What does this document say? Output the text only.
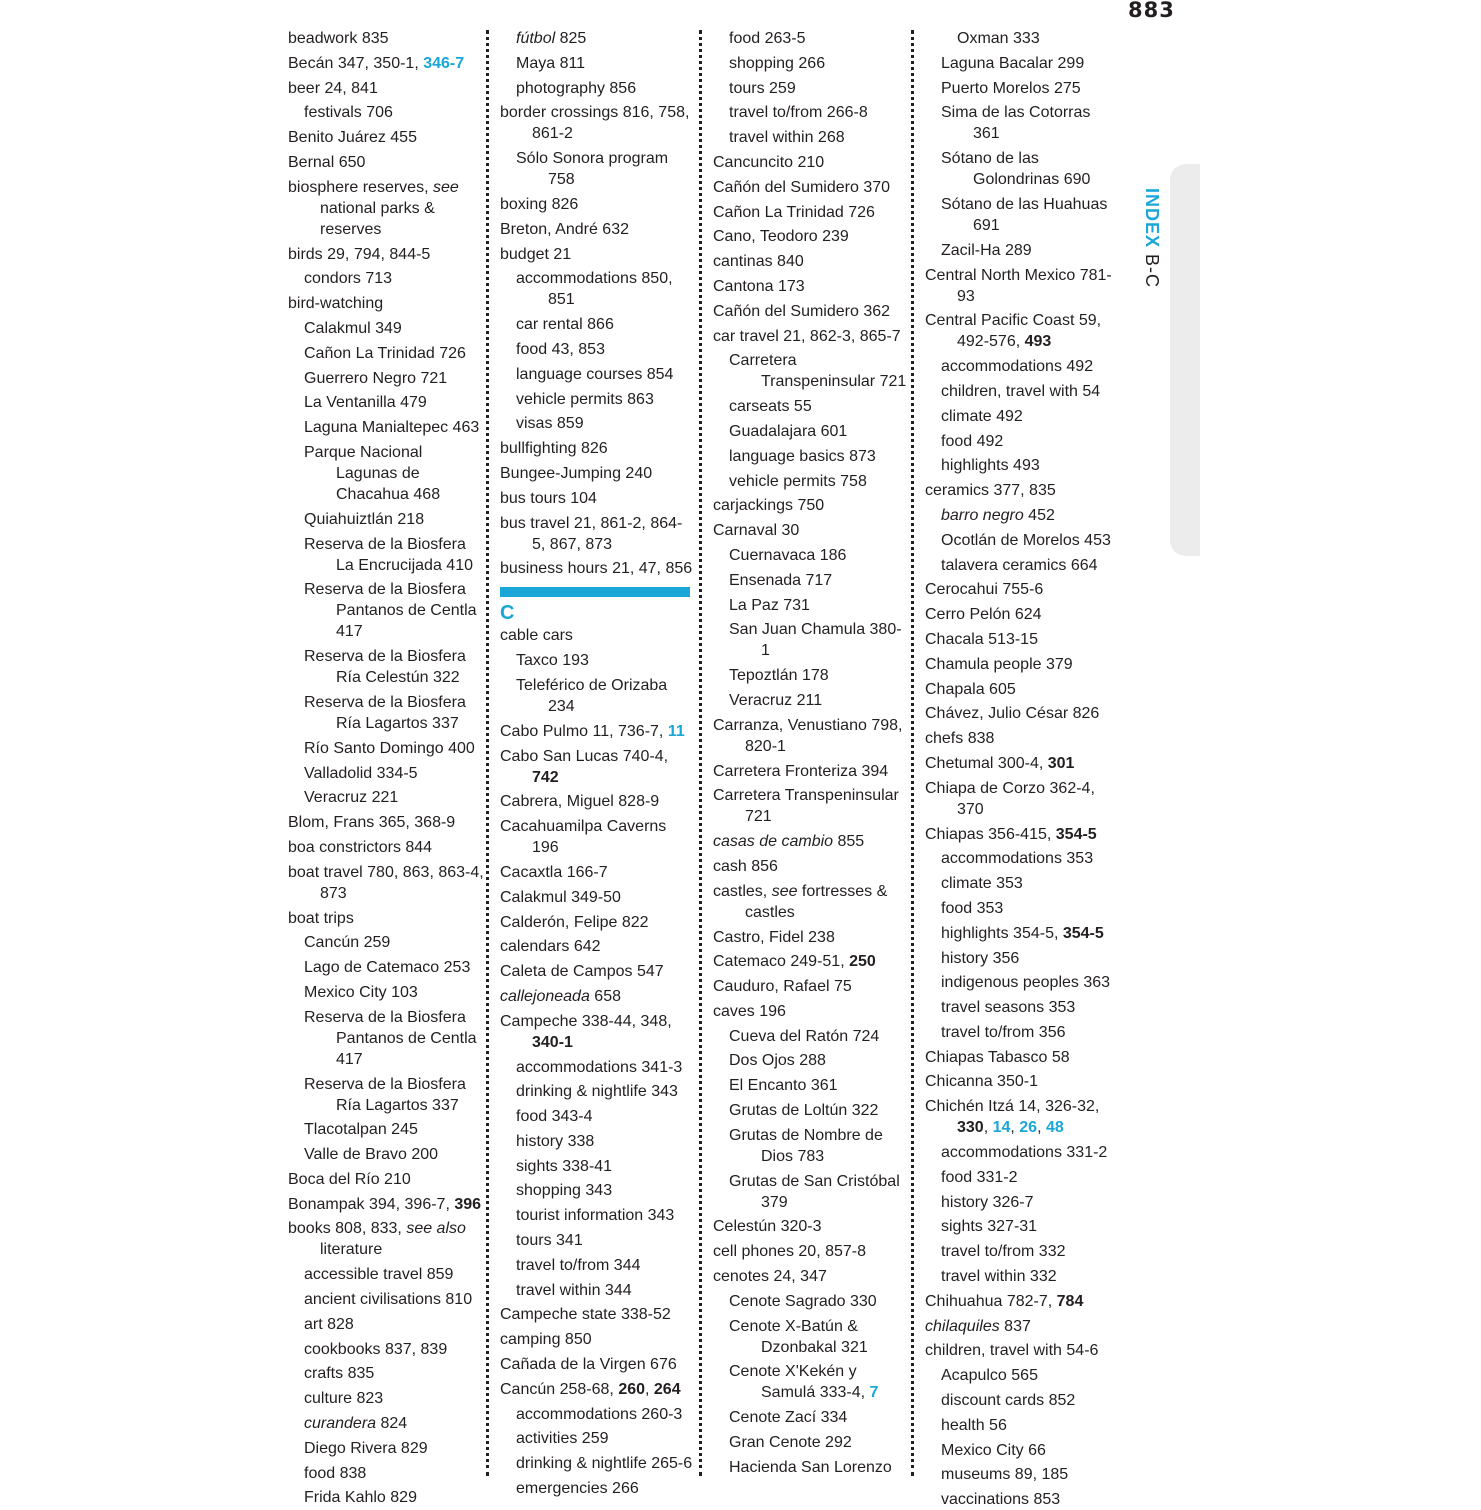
883
INDEXB-C
beadwork 835
Becán 347, 350-1, 346-7
beer 24, 841
festivals 706
Benito Juárez 455
Bernal 650
biosphere reserves, see national parks & reserves
birds 29, 794, 844-5
condors 713
bird-watching
Calakmul 349
Cañon La Trinidad 726
Guerrero Negro 721
La Ventanilla 479
Laguna Manialtepec 463
Parque Nacional Lagunas de Chacahua 468
Quiahuiztlán 218
Reserva de la Biosfera La Encrucijada 410
Reserva de la Biosfera Pantanos de Centla 417
Reserva de la Biosfera Ría Celestún 322
Reserva de la Biosfera Ría Lagartos 337
Río Santo Domingo 400
Valladolid 334-5
Veracruz 221
Blom, Frans 365, 368-9
boa constrictors 844
boat travel 780, 863, 863-4, 873
boat trips
Cancún 259
Lago de Catemaco 253
Mexico City 103
Reserva de la Biosfera Pantanos de Centla 417
Reserva de la Biosfera Ría Lagartos 337
Tlacotalpan 245
Valle de Bravo 200
Boca del Río 210
Bonampak 394, 396-7, 396
books 808, 833, see also literature
accessible travel 859
ancient civilisations 810
art 828
cookbooks 837, 839
crafts 835
culture 823
curandera 824
Diego Rivera 829
food 838
Frida Kahlo 829
fútbol 825
Maya 811
photography 856
border crossings 816, 758, 861-2
Sólo Sonora program 758
boxing 826
Breton, André 632
budget 21
accommodations 850, 851
car rental 866
food 43, 853
language courses 854
vehicle permits 863
visas 859
bullfighting 826
Bungee-Jumping 240
bus tours 104
bus travel 21, 861-2, 864-5, 867, 873
business hours 21, 47, 856
C
cable cars
Taxco 193
Teleférico de Orizaba 234
Cabo Pulmo 11, 736-7, 11
Cabo San Lucas 740-4, 742
Cabrera, Miguel 828-9
Cacahuamilpa Caverns 196
Cacaxtla 166-7
Calakmul 349-50
Calderón, Felipe 822
calendars 642
Caleta de Campos 547
callejoneada 658
Campeche 338-44, 348, 340-1
accommodations 341-3
drinking & nightlife 343
food 343-4
history 338
sights 338-41
shopping 343
tourist information 343
tours 341
travel to/from 344
travel within 344
Campeche state 338-52
camping 850
Cañada de la Virgen 676
Cancún 258-68, 260, 264
accommodations 260-3
activities 259
drinking & nightlife 265-6
emergencies 266
food 263-5
shopping 266
tours 259
travel to/from 266-8
travel within 268
Cancuncito 210
Cañón del Sumidero 370
Cañon La Trinidad 726
Cano, Teodoro 239
cantinas 840
Cantona 173
Cañón del Sumidero 362
car travel 21, 862-3, 865-7
Carretera Transpeninsular 721
carseats 55
Guadalajara 601
language basics 873
vehicle permits 758
carjackings 750
Carnaval 30
Cuernavaca 186
Ensenada 717
La Paz 731
San Juan Chamula 380-1
Tepoztlán 178
Veracruz 211
Carranza, Venustiano 798, 820-1
Carretera Fronteriza 394
Carretera Transpeninsular 721
casas de cambio 855
cash 856
castles, see fortresses & castles
Castro, Fidel 238
Catemaco 249-51, 250
Cauduro, Rafael 75
caves 196
Cueva del Ratón 724
Dos Ojos 288
El Encanto 361
Grutas de Loltún 322
Grutas de Nombre de Dios 783
Grutas de San Cristóbal 379
Celestún 320-3
cell phones 20, 857-8
cenotes 24, 347
Cenote Sagrado 330
Cenote X-Batún & Dzonbakal 321
Cenote X'Kekén y Samulá 333-4, 7
Cenote Zací 334
Gran Cenote 292
Hacienda San Lorenzo
Oxman 333
Laguna Bacalar 299
Puerto Morelos 275
Sima de las Cotorras 361
Sótano de las Golondrinas 690
Sótano de las Huahuas 691
Zacil-Ha 289
Central North Mexico 781-93
Central Pacific Coast 59, 492-576, 493
accommodations 492
children, travel with 54
climate 492
food 492
highlights 493
ceramics 377, 835
barro negro 452
Ocotlán de Morelos 453
talavera ceramics 664
Cerocahui 755-6
Cerro Pelón 624
Chacala 513-15
Chamula people 379
Chapala 605
Chávez, Julio César 826
chefs 838
Chetumal 300-4, 301
Chiapa de Corzo 362-4, 370
Chiapas 356-415, 354-5
accommodations 353
climate 353
food 353
highlights 354-5, 354-5
history 356
indigenous peoples 363
travel seasons 353
travel to/from 356
Chiapas Tabasco 58
Chicanna 350-1
Chichén Itzá 14, 326-32, 330, 14, 26, 48
accommodations 331-2
food 331-2
history 326-7
sights 327-31
travel to/from 332
travel within 332
Chihuahua 782-7, 784
chilaquiles 837
children, travel with 54-6
Acapulco 565
discount cards 852
health 56
Mexico City 66
museums 89, 185
vaccinations 853
